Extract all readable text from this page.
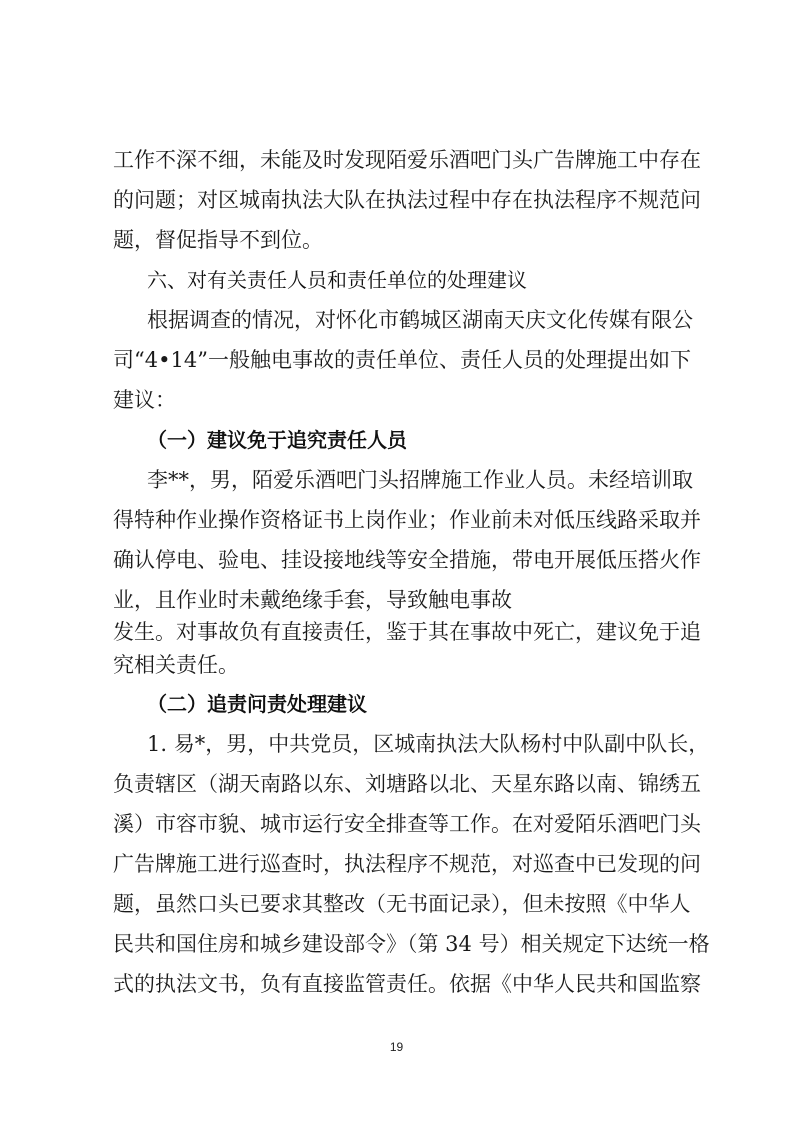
工作不深不细，未能及时发现陌爱乐酒吧门头广告牌施工中存在
的问题；对区城南执法大队在执法过程中存在执法程序不规范问
题，督促指导不到位。
六、对有关责任人员和责任单位的处理建议
根据调查的情况，对怀化市鹤城区湖南天庆文化传媒有限公
司“4•14”一般触电事故的责任单位、责任人员的处理提出如下
建议：
（一）建议免于追究责任人员
李**，男，陌爱乐酒吧门头招牌施工作业人员。未经培训取
得特种作业操作资格证书上岗作业；作业前未对低压线路采取并
确认停电、验电、挂设接地线等安全措施，带电开展低压搭火作
业，且作业时未戴绝缘手套，导致触电事故
发生。对事故负有直接责任，鉴于其在事故中死亡，建议免于追
究相关责任。
（二）追责问责处理建议
1. 易*，男，中共党员，区城南执法大队杨村中队副中队长，
负责辖区（湖天南路以东、刘塘路以北、天星东路以南、锦绣五
溪）市容市貌、城市运行安全排查等工作。在对爱陌乐酒吧门头
广告牌施工进行巡查时，执法程序不规范，对巡查中已发现的问
题，虽然口头已要求其整改（无书面记录），但未按照《中华人
民共和国住房和城乡建设部令》（第 34 号）相关规定下达统一格
式的执法文书，负有直接监管责任。依据《中华人民共和国监察
19
